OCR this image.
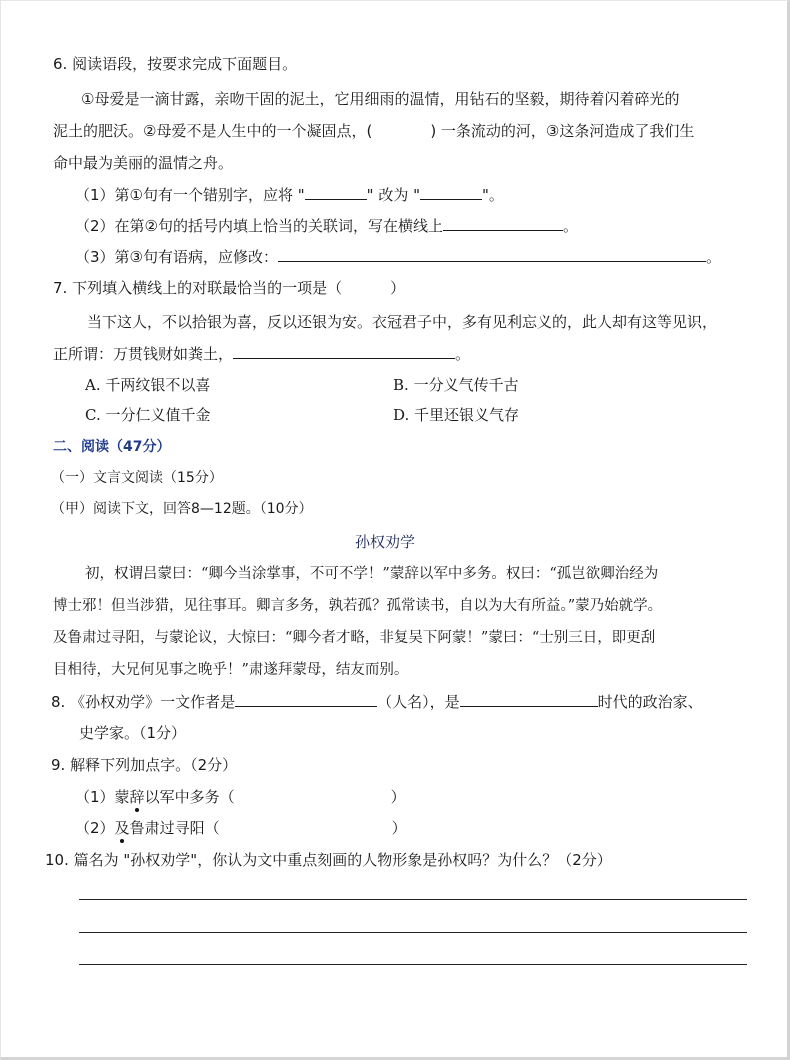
6. 阅读语段，按要求完成下面题目。
①母爱是一滴甘露，亲吻干固的泥土，它用细雨的温情，用钻石的坚毅，期待着闪着碎光的
泥土的肥沃。②母爱不是人生中的一个凝固点，(	) 一条流动的河，③这条河造成了我们生
命中最为美丽的温情之舟。
（1）第①句有一个错别字，应将 "	" 改为 "	"。
（2）在第②句的括号内填上恰当的关联词，写在横线上	。
（3）第③句有语病，应修改：	。
7. 下列填入横线上的对联最恰当的一项是（	）
当下这人，不以拾银为喜，反以还银为安。衣冠君子中，多有见利忘义的，此人却有这等见识，
正所谓：万贯钱财如粪土，	。
A. 千两纹银不以喜	B. 一分义气传千古
C. 一分仁义值千金	D. 千里还银义气存
二、阅读（47分）
（一）文言文阅读（15分）
（甲）阅读下文，回答8—12题。（10分）
孙权劝学
初，权谓吕蒙曰：“卿今当涂掌事，不可不学！”蒙辞以军中多务。权曰：“孤岂欲卿治经为
博士邪！但当涉猎，见往事耳。卿言多务，孰若孤？孤常读书，自以为大有所益。”蒙乃始就学。
及鲁肃过寻阳，与蒙论议，大惊曰：“卿今者才略，非复吴下阿蒙！”蒙曰：“士别三日，即更刮
目相待，大兄何见事之晚乎！”肃遂拜蒙母，结友而别。
8. 《孙权劝学》一文作者是	（人名），是	时代的政治家、
史学家。（1分）
9. 解释下列加点字。（2分）
（1）蒙辞以军中多务（	）
（2）及鲁肃过寻阳（	）
10. 篇名为 "孙权劝学"，你认为文中重点刻画的人物形象是孙权吗？为什么？（2分）
